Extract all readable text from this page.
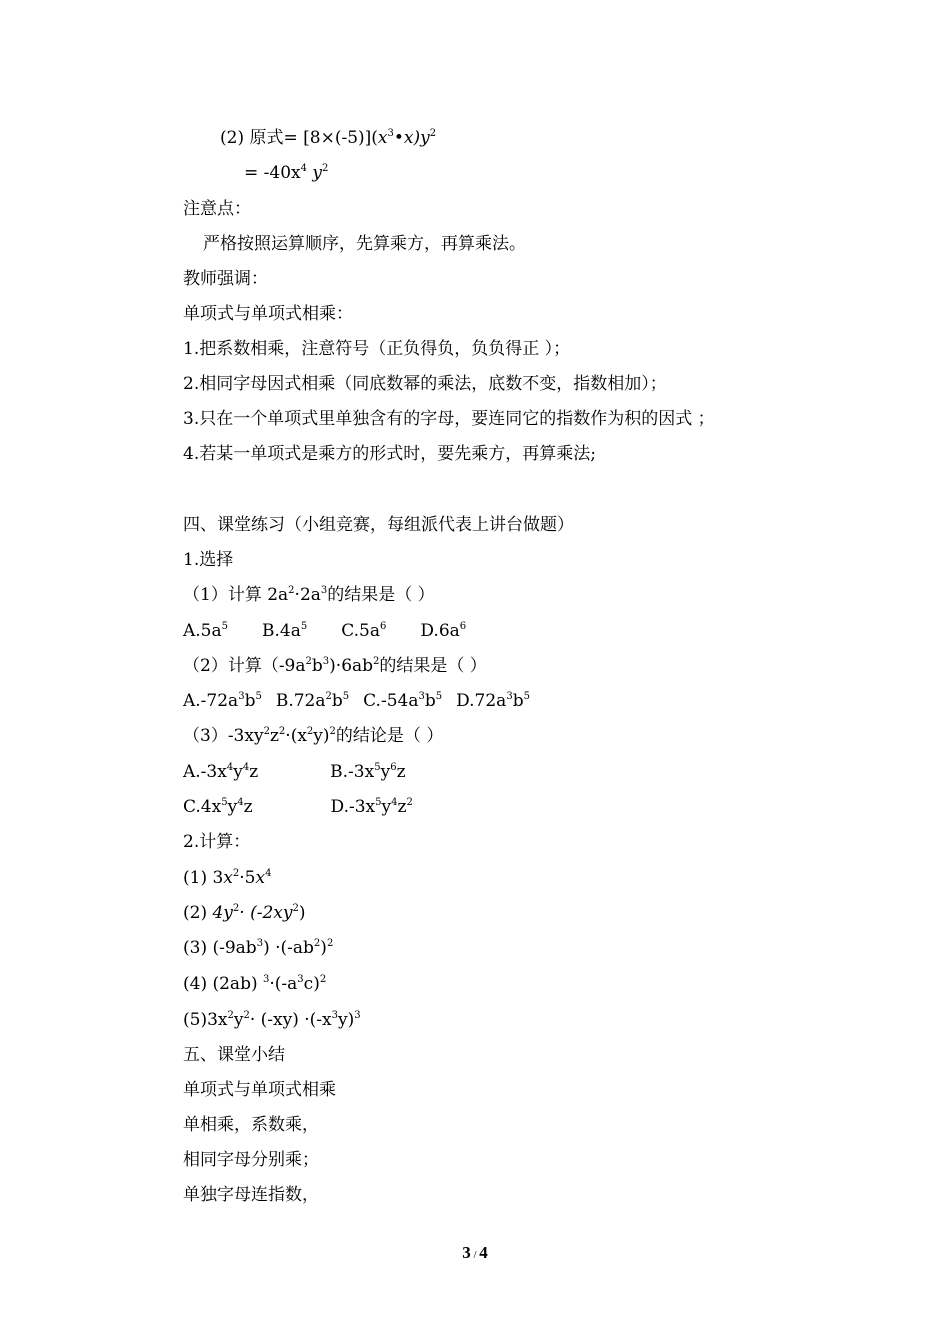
(2) 原式= $[8\times(-5)](x^3•x)y^2$
= $-40x^4$ $y^2$
注意点：
严格按照运算顺序，先算乘方，再算乘法。
教师强调：
单项式与单项式相乘：
1.把系数相乘，注意符号（正负得负，负负得正 ）；
2.相同字母因式相乘（同底数幂的乘法，底数不变，指数相加）；
3.只在一个单项式里单独含有的字母，要连同它的指数作为积的因式 ；
4.若某一单项式是乘方的形式时，要先乘方，再算乘法;
四、课堂练习（小组竞赛，每组派代表上讲台做题）
1.选择
（1）计算 $2a^2\cdot 2a^3$的结果是（ ）
$A.5a^5$ $B.4a^5$ $C.5a^6$ $D.6a^6$
（2）计算$(-9a^2b^3)\cdot 6ab^2$的结果是（ ）
$A.-72a^3b^5$ $B.72a^2b^5$ $C.-54a^3b^5$ $D.72a^3b^5$
$(3)-3xy^2z^2\cdot(x^2y)^2$的结论是（ ）
$A.-3x^4y^4z$	$B.-3x^5y^6z$
$C.4x^5y^4z$	$D.-3x^5y^4z^2$
2.计算：
(1) $3x^2\cdot 5x^4$
(2) $4y^2\cdot (-2xy^2)$
(3) $(-9ab^3) \cdot(-ab^2)^2$
(4) (2ab) $^3\cdot(-a^3c)^2$
$(5)3x^2y^2\cdot (-xy) \cdot(-x^3y)^3$
五、课堂小结
单项式与单项式相乘
单相乘，系数乘，
相同字母分别乘；
单独字母连指数，
3 / 4
